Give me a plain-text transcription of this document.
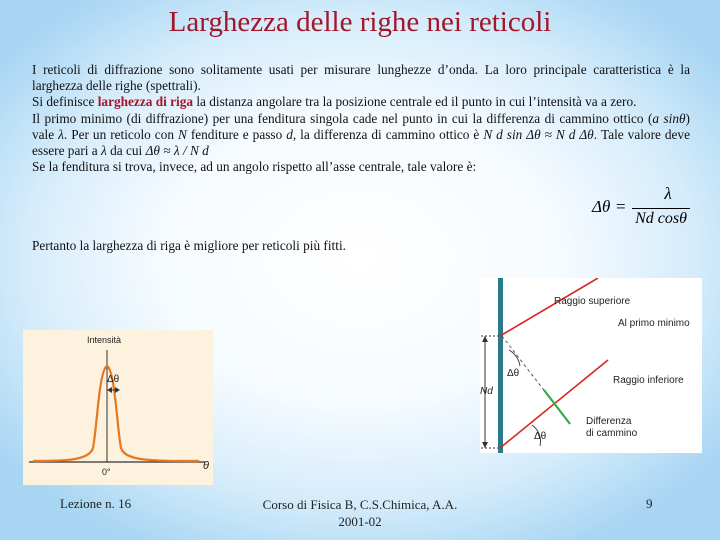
Larghezza delle righe nei reticoli

I reticoli di diffrazione sono solitamente usati per misurare lunghezze d’onda. La loro principale caratteristica è la larghezza delle righe (spettrali).

Si definisce larghezza di riga la distanza angolare tra la posizione centrale ed il punto in cui l’intensità va a zero.

Il primo minimo (di diffrazione) per una fenditura singola cade nel punto in cui la differenza di cammino ottico (a sinθ) vale λ. Per un reticolo con N fenditure e passo d, la differenza di cammino ottico è N d sin Δθ ≈ N d Δθ. Tale valore deve essere pari a λ da cui Δθ ≈ λ / N d

Se la fenditura si trova, invece, ad un angolo rispetto all’asse centrale, tale valore è:

Δθ =
λ
Nd cosθ
Pertanto la larghezza di riga è migliore per reticoli più fitti.
Intensità
Δθ
0°	θ
Raggio superiore
Al primo minimo
Raggio inferiore
Differenza
di cammino
Nd
Δθ
Δθ
Lezione n. 16	Corso di Fisica B, C.S.Chimica, A.A.
2001-02
9
